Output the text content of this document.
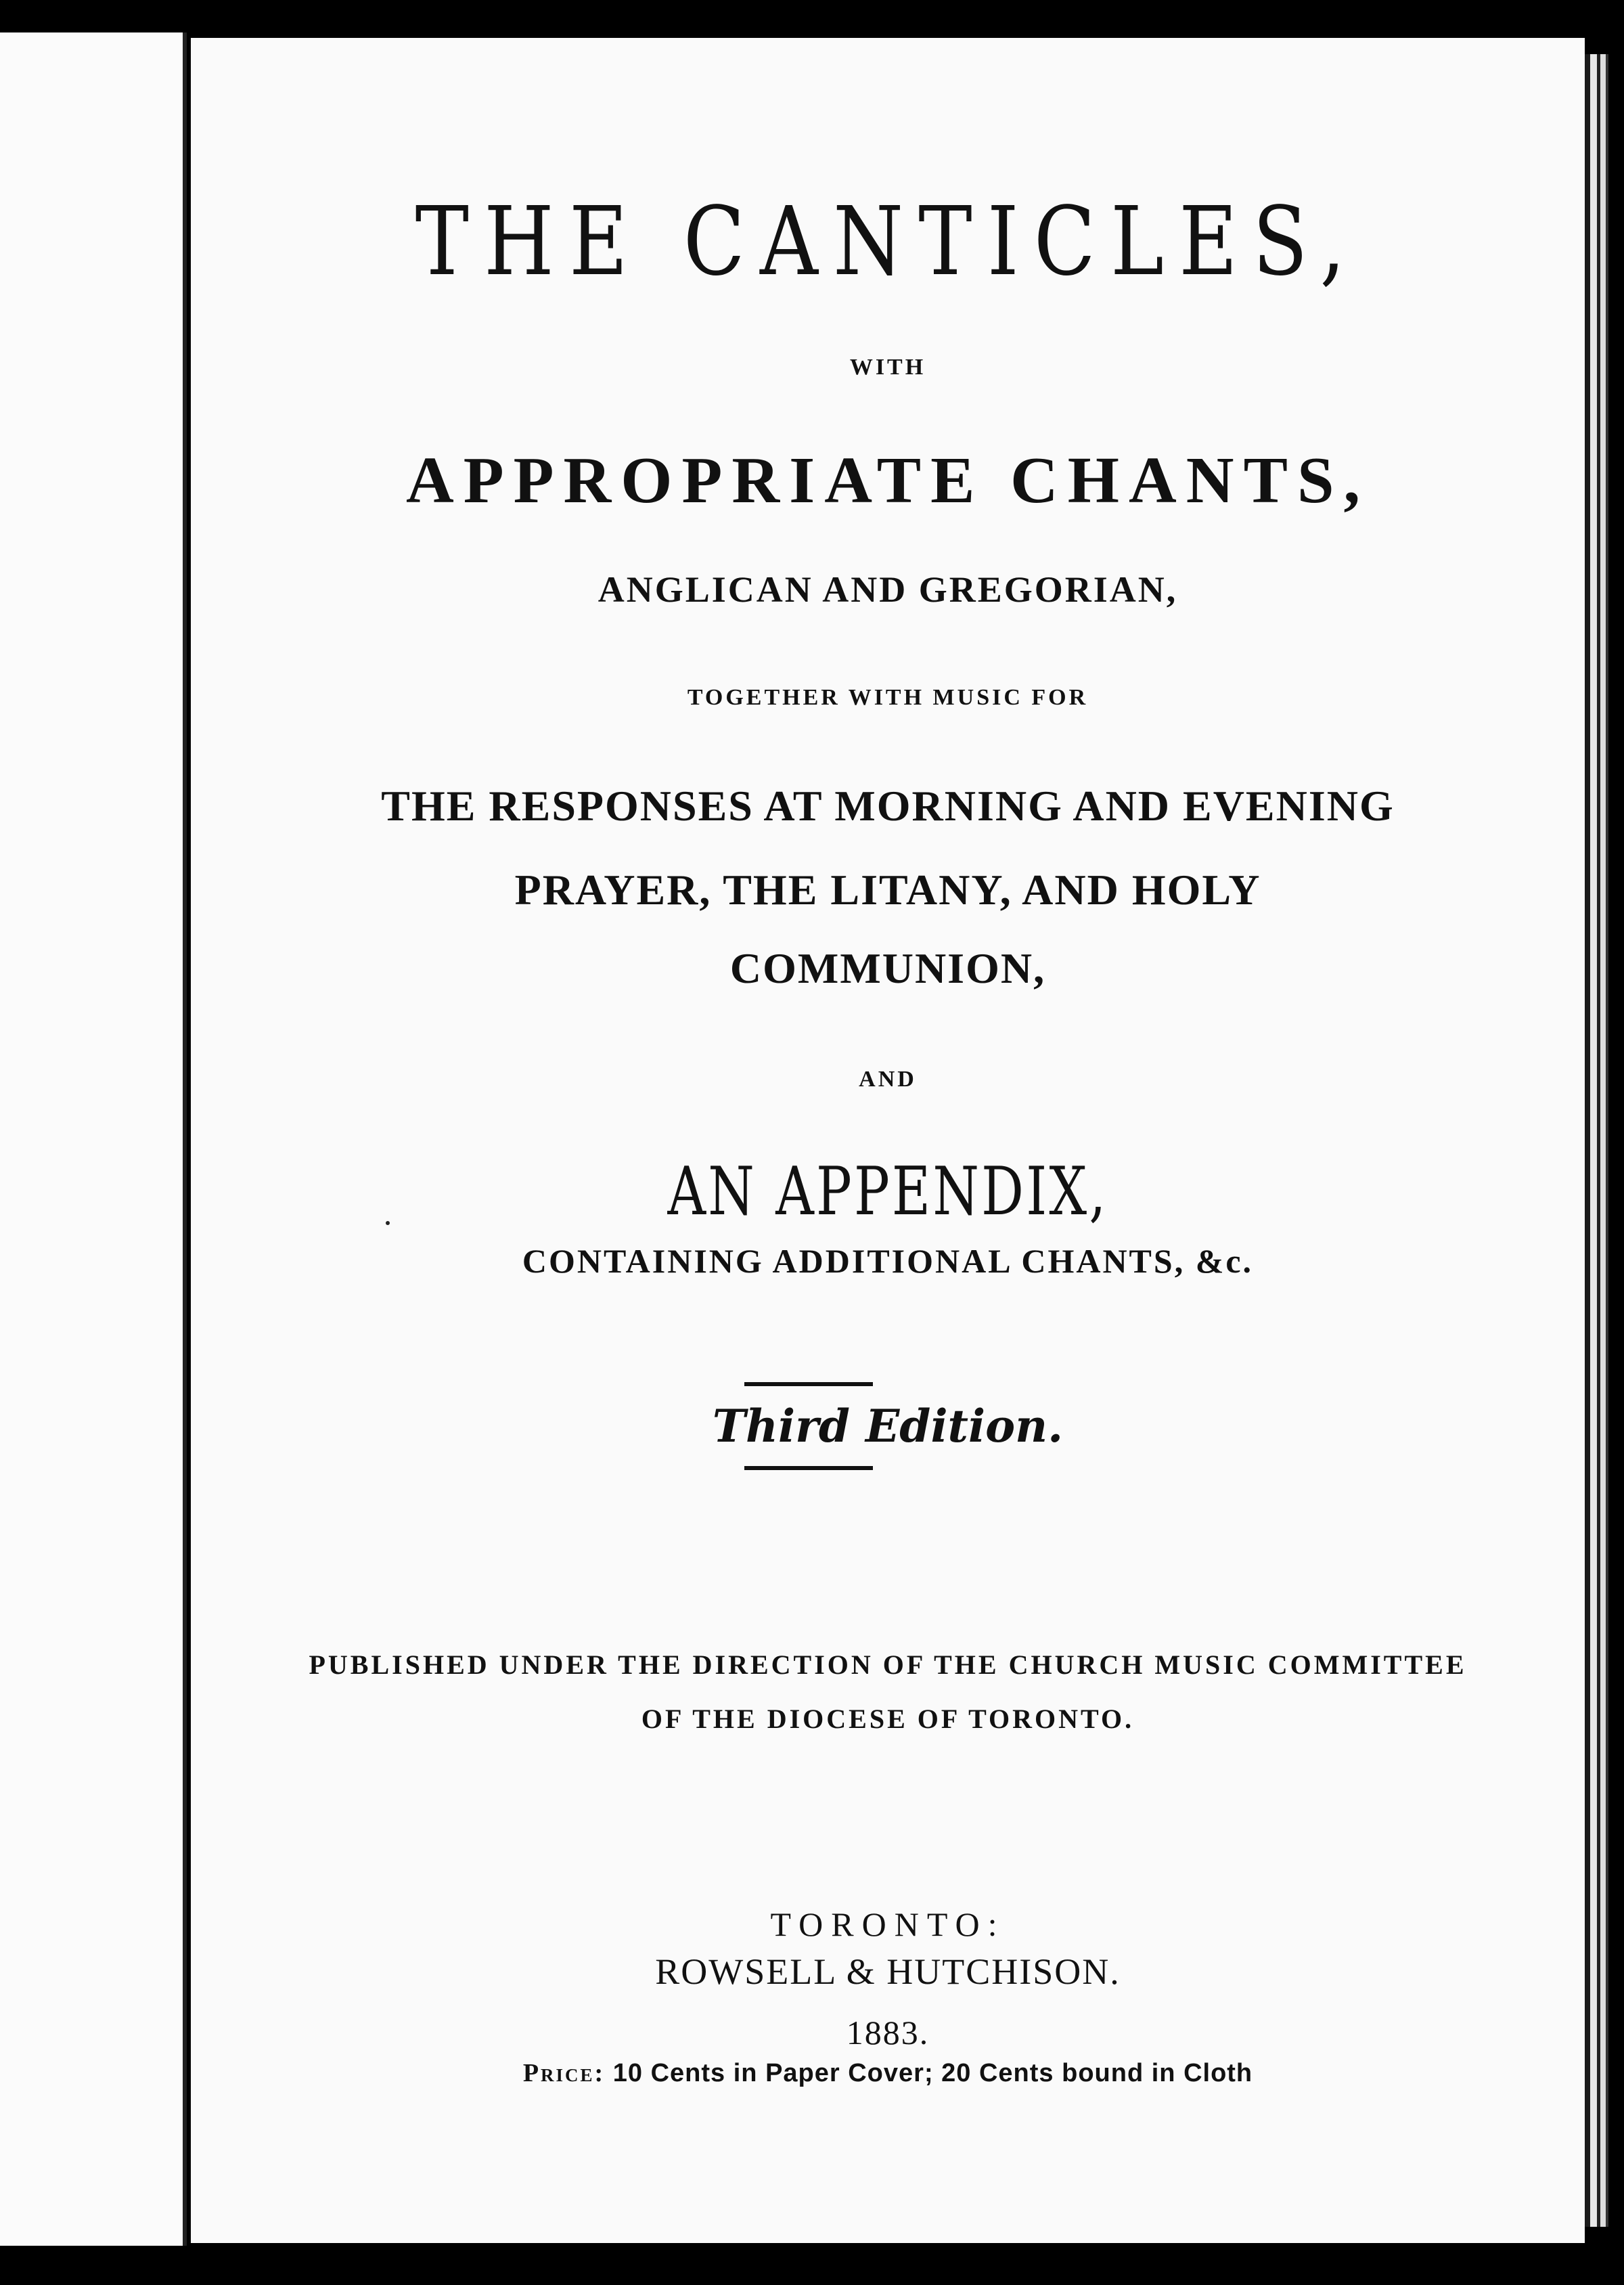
THE CANTICLES,
WITH
APPROPRIATE CHANTS,
ANGLICAN AND GREGORIAN,
TOGETHER WITH MUSIC FOR
THE RESPONSES AT MORNING AND EVENING
PRAYER, THE LITANY, AND HOLY
COMMUNION,
AND
AN APPENDIX,
CONTAINING ADDITIONAL CHANTS, &c.
Third Edition.
PUBLISHED UNDER THE DIRECTION OF THE CHURCH MUSIC COMMITTEE
OF THE DIOCESE OF TORONTO.
TORONTO:
ROWSELL & HUTCHISON.
1883.
Price: 10 Cents in Paper Cover; 20 Cents bound in Cloth
